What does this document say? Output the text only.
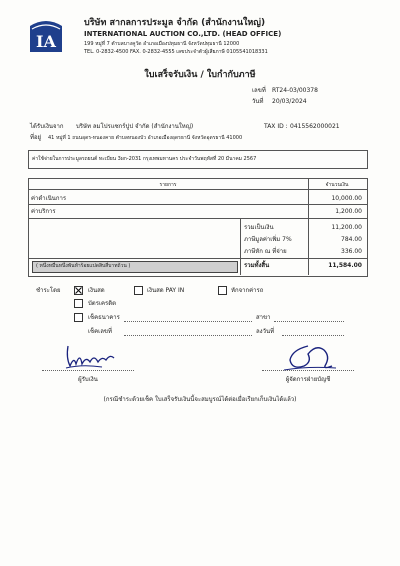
IA
บริษัท สากลการประมูล จำกัด (สำนักงานใหญ่)
INTERNATIONAL AUCTION CO.,LTD. (HEAD OFFICE)
199 หมู่ที่ 7 ตำบลบางคูวัด อำเภอเมืองปทุมธานี จังหวัดปทุมธานี 12000
TEL. 0-2832-4500 FAX. 0-2832-4555 เลขประจำตัวผู้เสียภาษี 0105541018331
ใบเสร็จรับเงิน / ใบกำกับภาษี
เลขที่ RT24-03/00378
วันที่ 20/03/2024
ได้รับเงินจาก บริษัท ลมโปรแซกร์ปูป จำกัด (สำนักงานใหญ่)	TAX ID : 0415562000021
ที่อยู่ 41 หมู่ที่ 1 ถนนอุดร-หนองคาย ตำบลหนองบัว อำเภอเมืองอุดรธานี จังหวัดอุดรธานี 41000
ค่าใช้จ่ายในการประมูลรถยนต์ ทะเบียน 3ผก-2031 กรุงเทพมหานคร ประจำวันพฤหัสที่ 20 มีนาคม 2567
รายการ	จำนวนเงิน
ค่าดำเนินการ	10,000.00
ค่าบริการ	1,200.00
รวมเป็นเงิน	11,200.00
ภาษีมูลค่าเพิ่ม 7%	784.00
ภาษีหัก ณ ที่จ่าย	336.00
( หนึ่งหมื่นหนึ่งพันห้าร้อยแปดสิบสี่บาทถ้วน )	รวมทั้งสิ้น	11,584.00
ชำระโดย	เงินสด	เงินสด PAY IN	หักจากค่ารถ
บัตรเครดิต
เช็คธนาคาร	สาขา
เช็คเลขที่	ลงวันที่
ผู้รับเงิน	ผู้จัดการฝ่ายบัญชี
(กรณีชำระด้วยเช็ค ใบเสร็จรับเงินนี้จะสมบูรณ์ได้ต่อเมื่อเรียกเก็บเงินได้แล้ว)
